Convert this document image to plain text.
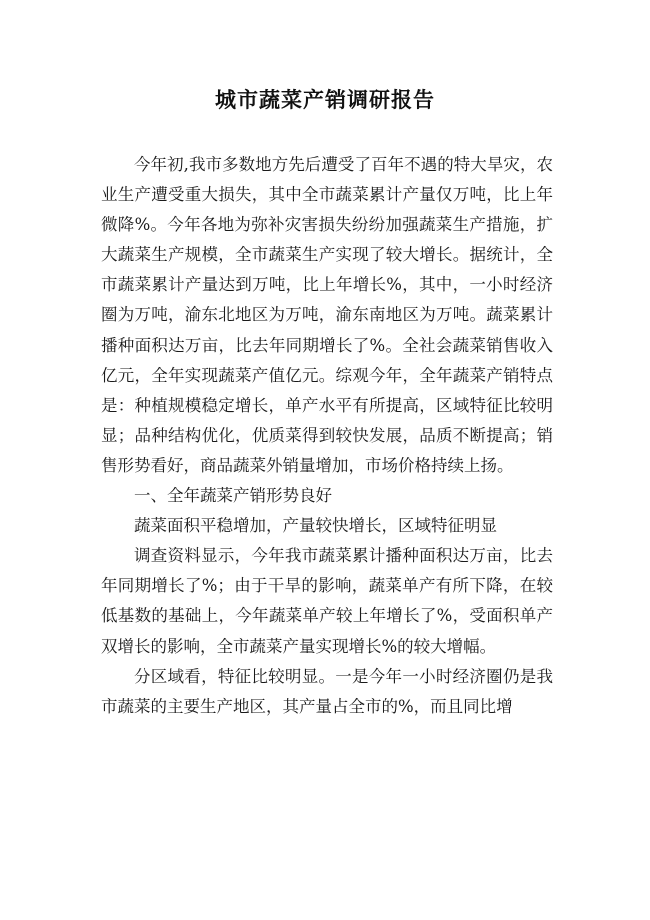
城市蔬菜产销调研报告

今年初,我市多数地方先后遭受了百年不遇的特大旱灾，农业生产遭受重大损失，其中全市蔬菜累计产量仅万吨，比上年微降%。今年各地为弥补灾害损失纷纷加强蔬菜生产措施，扩大蔬菜生产规模，全市蔬菜生产实现了较大增长。据统计，全市蔬菜累计产量达到万吨，比上年增长%，其中，一小时经济圈为万吨，渝东北地区为万吨，渝东南地区为万吨。蔬菜累计播种面积达万亩，比去年同期增长了%。全社会蔬菜销售收入亿元，全年实现蔬菜产值亿元。综观今年，全年蔬菜产销特点是：种植规模稳定增长，单产水平有所提高，区域特征比较明显；品种结构优化，优质菜得到较快发展，品质不断提高；销售形势看好，商品蔬菜外销量增加，市场价格持续上扬。

一、全年蔬菜产销形势良好

蔬菜面积平稳增加，产量较快增长，区域特征明显

调查资料显示，今年我市蔬菜累计播种面积达万亩，比去年同期增长了%；由于干旱的影响，蔬菜单产有所下降，在较低基数的基础上，今年蔬菜单产较上年增长了%，受面积单产双增长的影响，全市蔬菜产量实现增长%的较大增幅。

分区域看，特征比较明显。一是今年一小时经济圈仍是我市蔬菜的主要生产地区，其产量占全市的%，而且同比增
